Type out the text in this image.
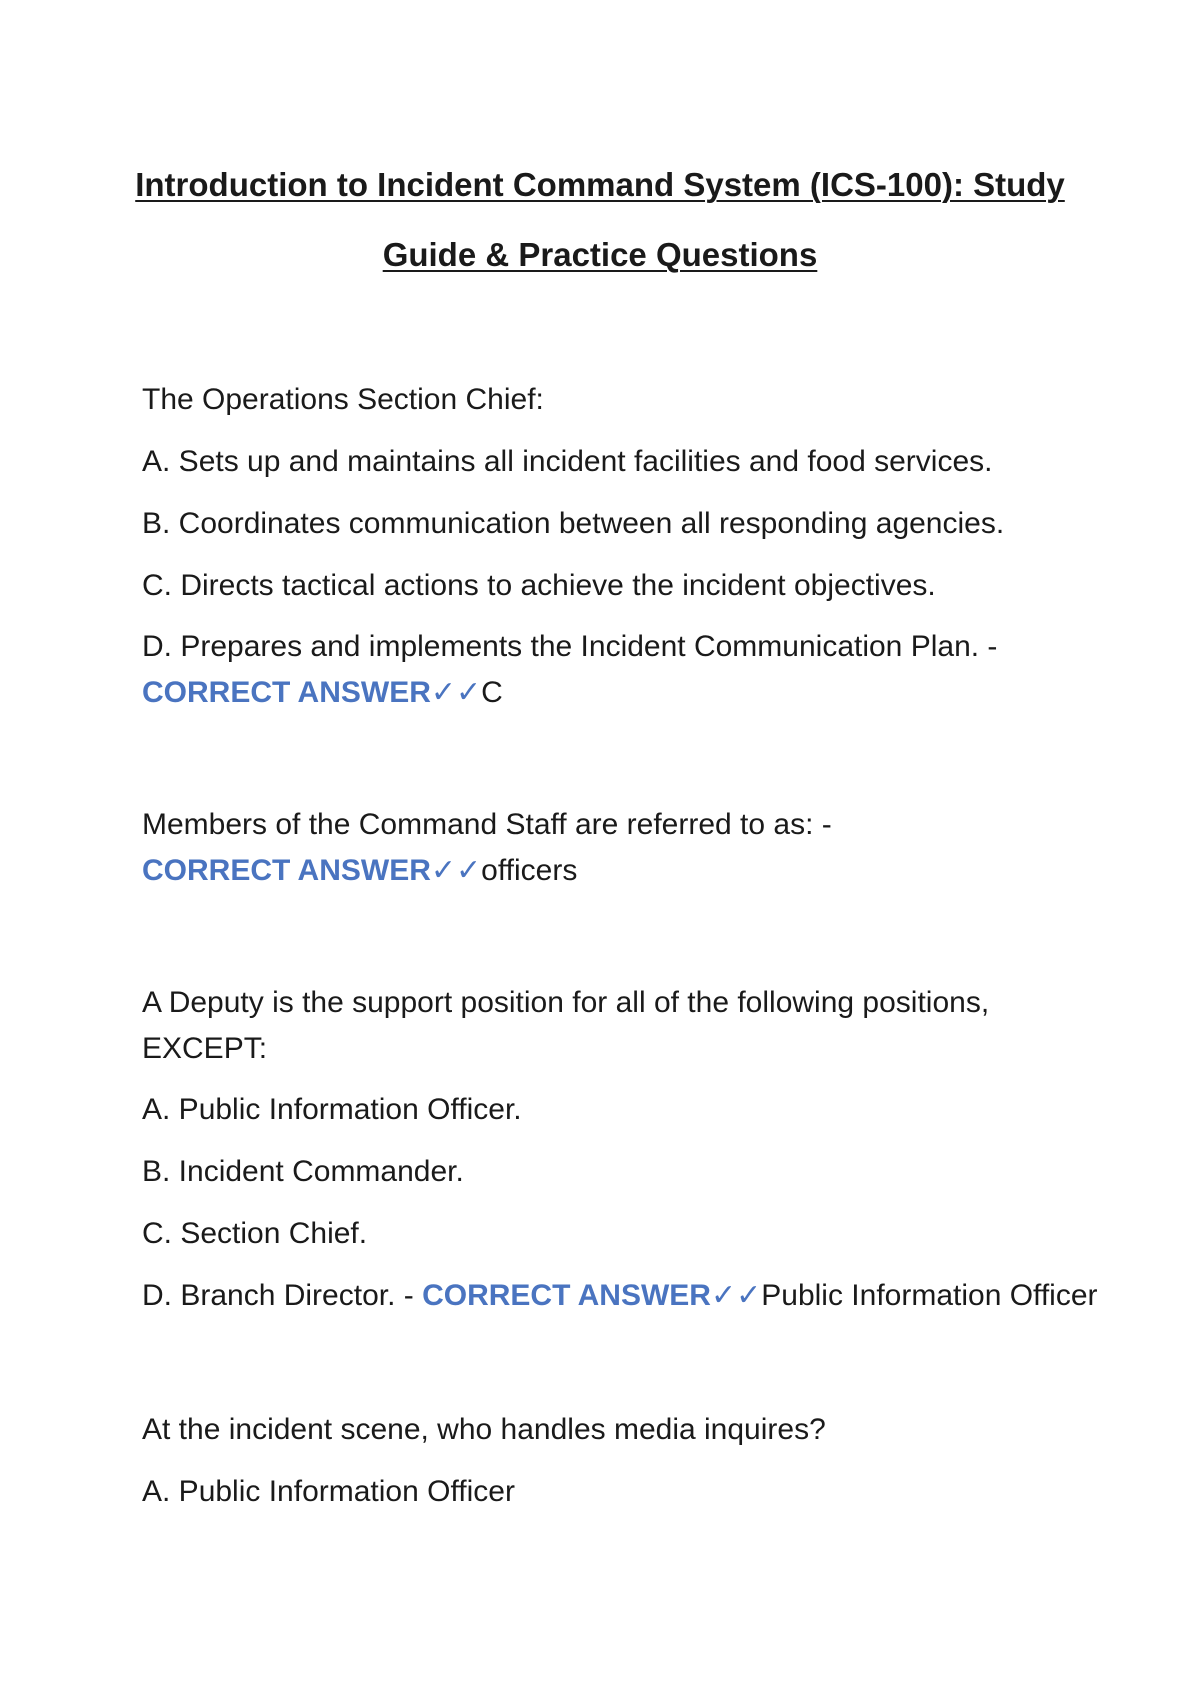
Introduction to Incident Command System (ICS-100): Study
Guide & Practice Questions
The Operations Section Chief:
A. Sets up and maintains all incident facilities and food services.
B. Coordinates communication between all responding agencies.
C. Directs tactical actions to achieve the incident objectives.
D. Prepares and implements the Incident Communication Plan. -
CORRECT ANSWER✓✓C
Members of the Command Staff are referred to as: - CORRECT ANSWER✓✓officers
A Deputy is the support position for all of the following positions, EXCEPT:
A. Public Information Officer.
B. Incident Commander.
C. Section Chief.
D. Branch Director. - CORRECT ANSWER✓✓Public Information Officer
At the incident scene, who handles media inquires?
A. Public Information Officer
